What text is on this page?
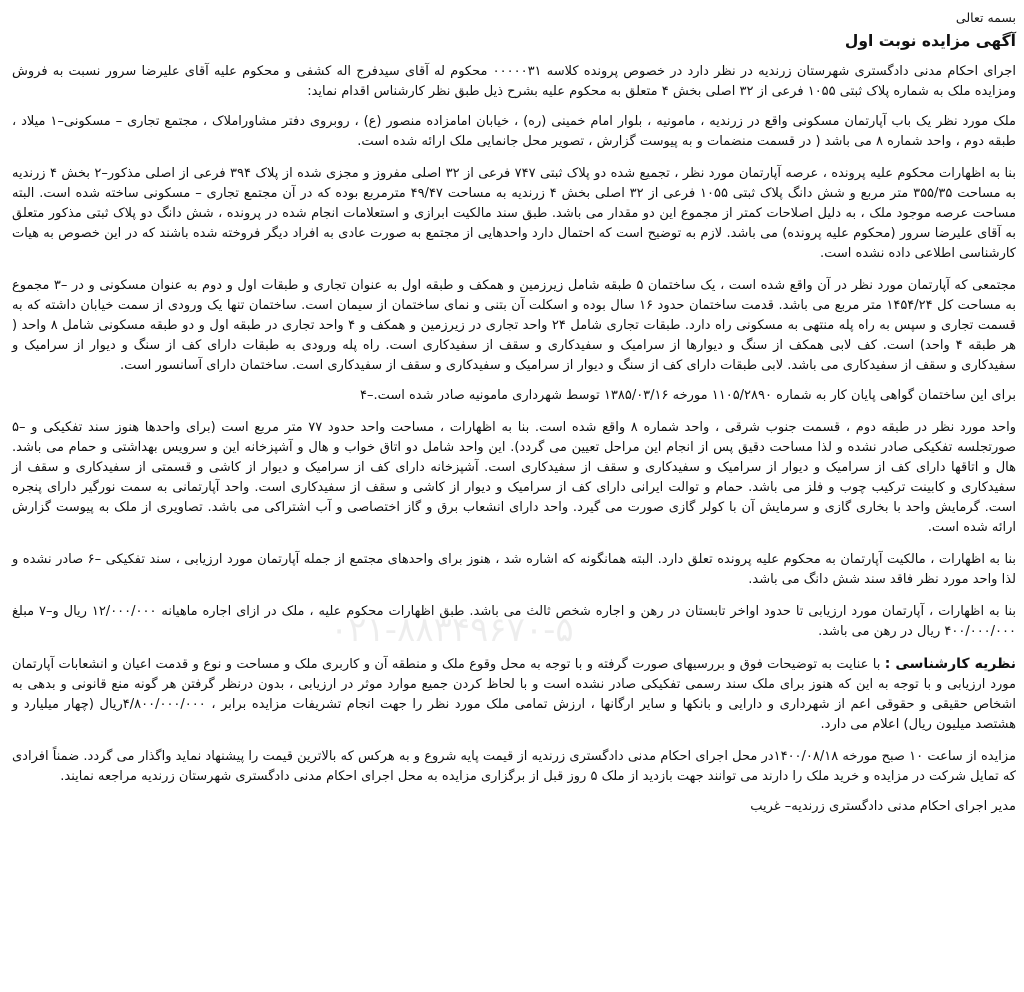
بسمه تعالی

آگهی مزایده نوبت اول

اجرای احکام مدنی دادگستری شهرستان زرندیه در نظر دارد در خصوص پرونده کلاسه ۰۰۰۰۰۳۱ محکوم له آقای سیدفرج اله کشفی و محکوم علیه آقای علیرضا سرور نسبت به فروش ومزایده ملک به شماره پلاک ثبتی ۱۰۵۵ فرعی از ۳۲ اصلی بخش ۴ متعلق به محکوم علیه بشرح ذیل طبق نظر کارشناس اقدام نماید:

ملک مورد نظر یک باب آپارتمان مسکونی واقع در زرندیه ، مامونیه ، بلوار امام خمینی (ره) ، خیابان امامزاده منصور (ع) ، روبروی دفتر مشاوراملاک ، مجتمع تجاری – مسکونی–۱ میلاد ، طبقه دوم ، واحد شماره ۸ می باشد ( در قسمت منضمات و به پیوست گزارش ، تصویر محل جانمایی ملک ارائه شده است.

بنا به اظهارات محکوم علیه پرونده ، عرصه آپارتمان مورد نظر ، تجمیع شده دو پلاک ثبتی ۷۴۷ فرعی از ۳۲ اصلی مفروز و مجزی شده از پلاک ۳۹۴ فرعی از اصلی مذکور–۲ بخش ۴ زرندیه به مساحت ۳۵۵/۳۵ متر مربع و شش دانگ پلاک ثبتی ۱۰۵۵ فرعی از ۳۲ اصلی بخش ۴ زرندیه به مساحت ۴۹/۴۷ مترمربع بوده که در آن مجتمع تجاری – مسکونی ساخته شده است. البته مساحت عرصه موجود ملک ، به دلیل اصلاحات کمتر از مجموع این دو مقدار می باشد. طبق سند مالکیت ابرازی و استعلامات انجام شده در پرونده ، شش دانگ دو پلاک ثبتی مذکور متعلق به آقای علیرضا سرور (محکوم علیه پرونده) می باشد. لازم به توضیح است که احتمال دارد واحدهایی از مجتمع به صورت عادی به افراد دیگر فروخته شده باشند که در این خصوص به هیات کارشناسی اطلاعی داده نشده است.

مجتمعی که آپارتمان مورد نظر در آن واقع شده است ، یک ساختمان ۵ طبقه شامل زیرزمین و همکف و طبقه اول به عنوان تجاری و طبقات اول و دوم به عنوان مسکونی و در –۳ مجموع به مساحت کل ۱۴۵۴/۲۴ متر مربع می باشد. قدمت ساختمان حدود ۱۶ سال بوده و اسکلت آن بتنی و نمای ساختمان از سیمان است. ساختمان تنها یک ورودی از سمت خیابان داشته که به قسمت تجاری و سپس به راه پله منتهی به مسکونی راه دارد. طبقات تجاری شامل ۲۴ واحد تجاری در زیرزمین و همکف و ۴ واحد تجاری در طبقه اول و دو طبقه مسکونی شامل ۸ واحد ( هر طبقه ۴ واحد) است. کف لابی همکف از سنگ و دیوارها از سرامیک و سفیدکاری و سقف از سفیدکاری است. راه پله ورودی به طبقات دارای کف از سنگ و دیوار از سرامیک و سفیدکاری و سقف از سفیدکاری می باشد. لابی طبقات دارای کف از سنگ و دیوار از سرامیک و سفیدکاری و سقف از سفیدکاری است. ساختمان دارای آسانسور است.

برای این ساختمان گواهی پایان کار به شماره ۱۱۰۵/۲۸۹۰ مورخه ۱۳۸۵/۰۳/۱۶ توسط شهرداری مامونیه صادر شده است.–۴

واحد مورد نظر در طبقه دوم ، قسمت جنوب شرقی ، واحد شماره ۸ واقع شده است. بنا به اظهارات ، مساحت واحد حدود ۷۷ متر مربع است (برای واحدها هنوز سند تفکیکی و –۵ صورتجلسه تفکیکی صادر نشده و لذا مساحت دقیق پس از انجام این مراحل تعیین می گردد). این واحد شامل دو اتاق خواب و هال و آشپزخانه این و سرویس بهداشتی و حمام می باشد. هال و اتاقها دارای کف از سرامیک و دیوار از سرامیک و سفیدکاری و سقف از سفیدکاری است. آشپزخانه دارای کف از سرامیک و دیوار از کاشی و قسمتی از سفیدکاری و سقف از سفیدکاری و کابینت ترکیب چوب و فلز می باشد. حمام و توالت ایرانی دارای کف از سرامیک و دیوار از کاشی و سقف از سفیدکاری است. واحد آپارتمانی به سمت نورگیر دارای پنجره است. گرمایش واحد با بخاری گازی و سرمایش آن با کولر گازی صورت می گیرد. واحد دارای انشعاب برق و گاز اختصاصی و آب اشتراکی می باشد. تصاویری از ملک به پیوست گزارش ارائه شده است.

بنا به اظهارات ، مالکیت آپارتمان به محکوم علیه پرونده تعلق دارد. البته همانگونه که اشاره شد ، هنوز برای واحدهای مجتمع از جمله آپارتمان مورد ارزیابی ، سند تفکیکی –۶ صادر نشده و لذا واحد مورد نظر فاقد سند شش دانگ می باشد.

بنا به اظهارات ، آپارتمان مورد ارزیابی تا حدود اواخر تابستان در رهن و اجاره شخص ثالث می باشد. طبق اظهارات محکوم علیه ، ملک در ازای اجاره ماهیانه ۱۲/۰۰۰/۰۰۰ ریال و–۷ مبلغ ۴۰۰/۰۰۰/۰۰۰ ریال در رهن می باشد.

نظریه کارشناسی : با عنایت به توضیحات فوق و بررسیهای صورت گرفته و با توجه به محل وقوع ملک و منطقه آن و کاربری ملک و مساحت و نوع و قدمت اعیان و انشعابات آپارتمان مورد ارزیابی و با توجه به این که هنوز برای ملک سند رسمی تفکیکی صادر نشده است و با لحاظ کردن جمیع موارد موثر در ارزیابی ، بدون درنظر گرفتن هر گونه منع قانونی و بدهی به اشخاص حقیقی و حقوقی اعم از شهرداری و دارایی و بانکها و سایر ارگانها ، ارزش تمامی ملک مورد نظر را جهت انجام تشریفات مزایده برابر ، ۴/۸۰۰/۰۰۰/۰۰۰ریال (چهار میلیارد و هشتصد میلیون ریال) اعلام می دارد.

مزایده از ساعت ۱۰ صبح مورخه ۱۴۰۰/۰۸/۱۸در محل اجرای احکام مدنی دادگستری زرندیه از قیمت پایه شروع و به هرکس که بالاترین قیمت را پیشنهاد نماید واگذار می گردد. ضمناً افرادی که تمایل شرکت در مزایده و خرید ملک را دارند می توانند جهت بازدید از ملک ۵ روز قبل از برگزاری مزایده به محل اجرای احکام مدنی دادگستری شهرستان زرندیه مراجعه نمایند.

مدیر اجرای احکام مدنی دادگستری زرندیه– غریب

۰۲۱-۸۸۳۴۹۶۷۰-۵
